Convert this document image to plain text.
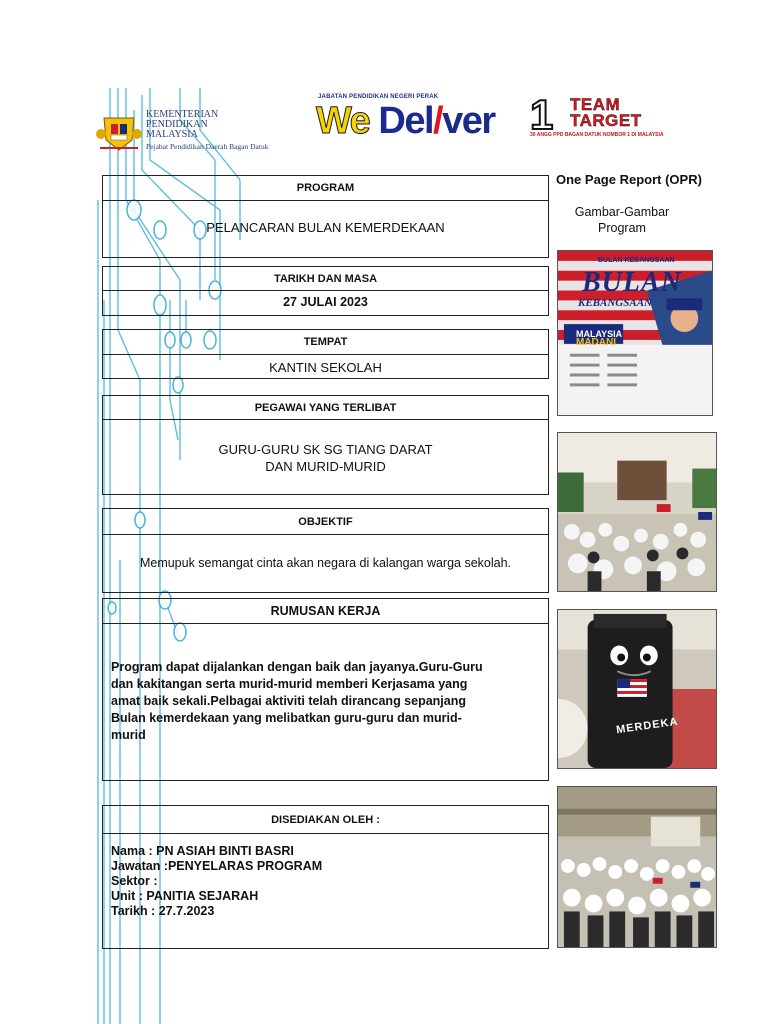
KEMENTERIAN
PENDIDIKAN
MALAYSIA
Pejabat Pendidikan Daerah Bagan Datuk
JABATAN PENDIDIKAN NEGERI PERAK
We Del/ver 1 TEAM
TARGET
30 ANGG PPD BAGAN DATUK NOMBOR 1 DI MALAYSIA
One Page Report (OPR)
Gambar-Gambar
Program
PROGRAM
PELANCARAN BULAN KEMERDEKAAN
TARIKH DAN MASA
27 JULAI 2023
TEMPAT
KANTIN SEKOLAH
PEGAWAI YANG TERLIBAT
GURU-GURU SK SG TIANG DARAT
DAN MURID-MURID
OBJEKTIF
Memupuk semangat cinta akan negara di kalangan warga sekolah.
RUMUSAN KERJA
Program dapat dijalankan dengan baik dan jayanya.Guru-Guru
dan kakitangan serta murid-murid memberi Kerjasama yang
amat baik sekali.Pelbagai aktiviti telah dirancang sepanjang
Bulan kemerdekaan yang melibatkan guru-guru dan murid-
murid
DISEDIAKAN OLEH :
Nama : PN ASIAH BINTI BASRI
Jawatan :PENYELARAS PROGRAM
Sektor :
Unit : PANITIA SEJARAH
Tarikh : 27.7.2023
BULAN KEBANGSAAN
BULAN
KEBANGSAAN
MALAYSIA
MADANI
MERDEKA
